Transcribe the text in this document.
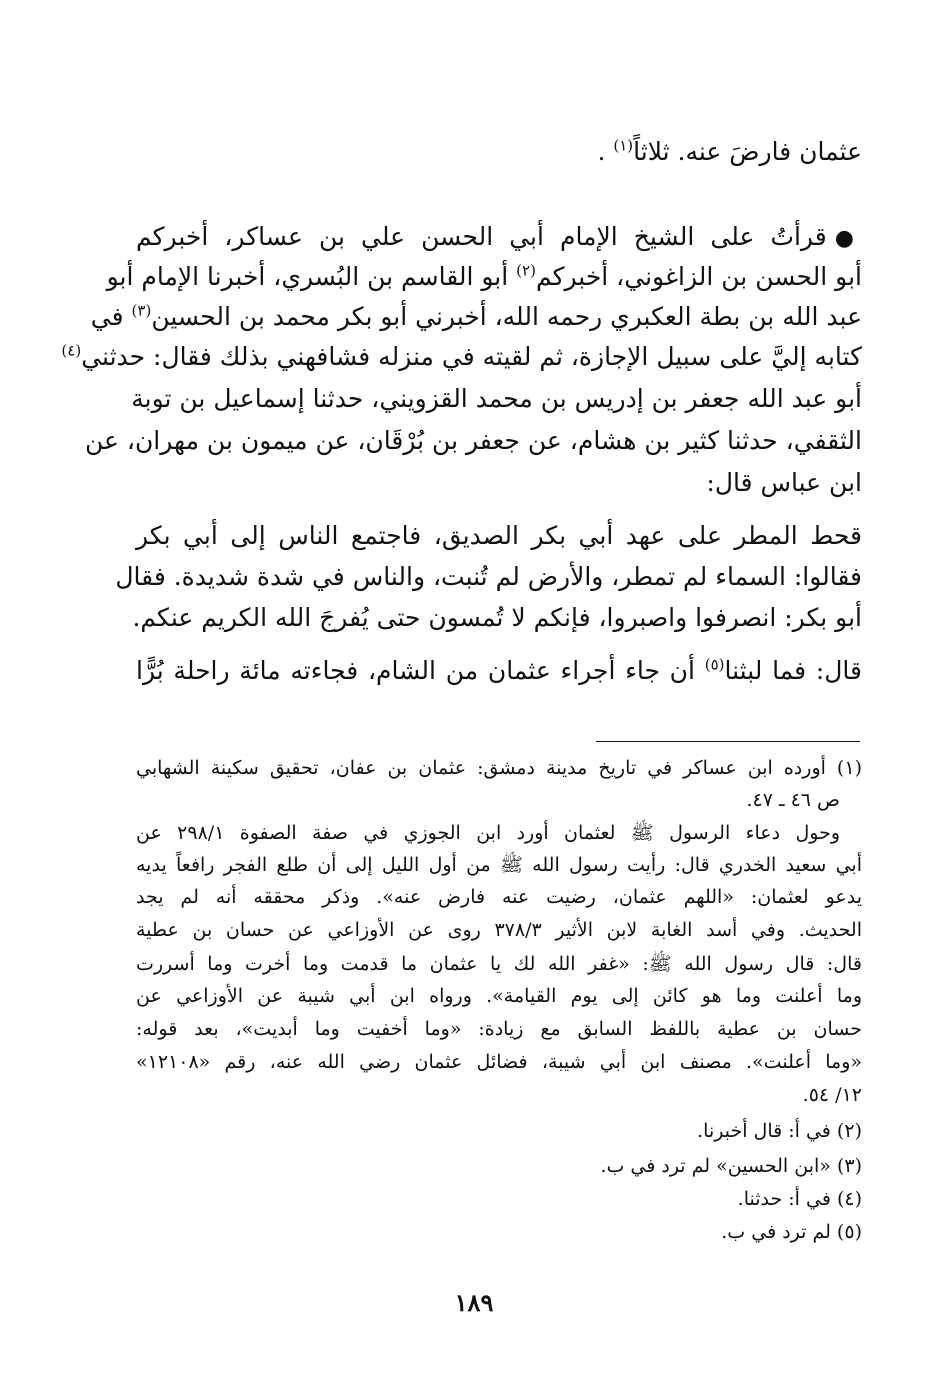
عثمان فارضَ عنه. ثلاثاً$^{(١)}$ .
●قرأتُ على الشيخ الإمام أبي الحسن علي بن عساكر، أخبركم
أبو الحسن بن الزاغوني، أخبركم$^{(٢)}$ أبو القاسم بن البُسري، أخبرنا الإمام أبو
عبد الله بن بطة العكبري رحمه الله، أخبرني أبو بكر محمد بن الحسين$^{(٣)}$ في
كتابه إليَّ على سبيل الإجازة، ثم لقيته في منزله فشافهني بذلك فقال: حدثني$^{(٤)}$
أبو عبد الله جعفر بن إدريس بن محمد القزويني، حدثنا إسماعيل بن توبة
الثقفي، حدثنا كثير بن هشام، عن جعفر بن بُرْقَان، عن ميمون بن مهران، عن
ابن عباس قال:
قحط المطر على عهد أبي بكر الصديق، فاجتمع الناس إلى أبي بكر
فقالوا: السماء لم تمطر، والأرض لم تُنبت، والناس في شدة شديدة. فقال
أبو بكر: انصرفوا واصبروا، فإنكم لا تُمسون حتى يُفرجَ الله الكريم عنكم.
قال: فما لبثنا$^{(٥)}$ أن جاء أجراء عثمان من الشام، فجاءته مائة راحلة بُرًّا
(١) أورده ابن عساكر في تاريخ مدينة دمشق: عثمان بن عفان، تحقيق سكينة الشهابي
ص ٤٦ ـ ٤٧.
وحول دعاء الرسول ﷺ لعثمان أورد ابن الجوزي في صفة الصفوة ٢٩٨/١ عن
أبي سعيد الخدري قال: رأيت رسول الله ﷺ من أول الليل إلى أن طلع الفجر رافعاً يديه
يدعو لعثمان: «اللهم عثمان، رضيت عنه فارض عنه». وذكر محققه أنه لم يجد
الحديث. وفي أسد الغابة لابن الأثير ٣٧٨/٣ روى عن الأوزاعي عن حسان بن عطية
قال: قال رسول الله ﷺ: «غفر الله لك يا عثمان ما قدمت وما أخرت وما أسررت
وما أعلنت وما هو كائن إلى يوم القيامة». ورواه ابن أبي شيبة عن الأوزاعي عن
حسان بن عطية باللفظ السابق مع زيادة: «وما أخفيت وما أبديت»، بعد قوله:
«وما أعلنت». مصنف ابن أبي شيبة، فضائل عثمان رضي الله عنه، رقم «١٢١٠٨»
١٢/ ٥٤.
(٢) في أ: قال أخبرنا.
(٣) «ابن الحسين» لم ترد في ب.
(٤) في أ: حدثنا.
(٥) لم ترد في ب.
١٨٩
